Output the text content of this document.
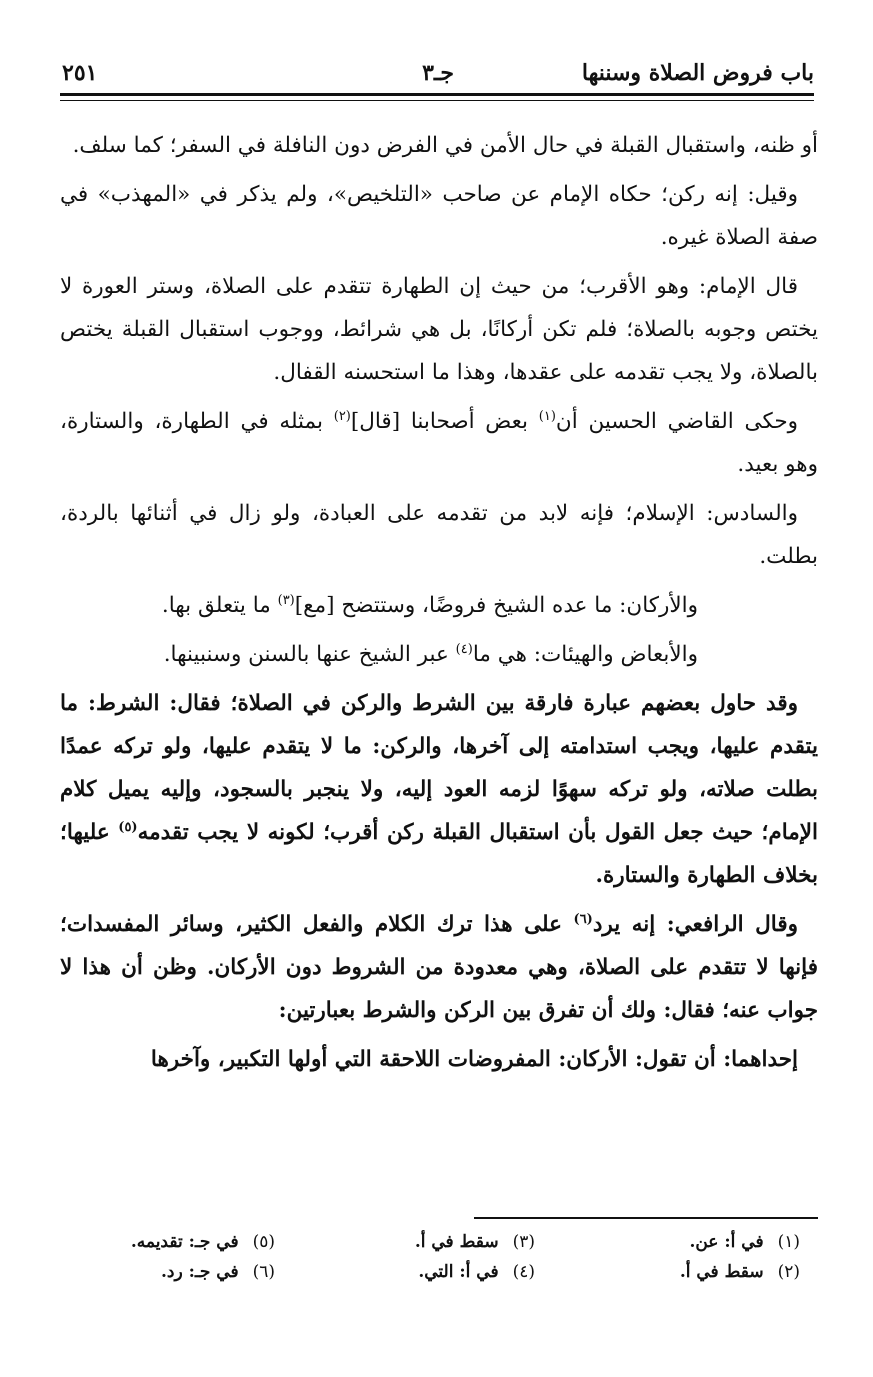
باب فروض الصلاة وسننها
جـ٣
٢٥١

أو ظنه، واستقبال القبلة في حال الأمن في الفرض دون النافلة في السفر؛ كما سلف.

وقيل: إنه ركن؛ حكاه الإمام عن صاحب «التلخيص»، ولم يذكر في «المهذب» في صفة الصلاة غيره.

قال الإمام: وهو الأقرب؛ من حيث إن الطهارة تتقدم على الصلاة، وستر العورة لا يختص وجوبه بالصلاة؛ فلم تكن أركانًا، بل هي شرائط، ووجوب استقبال القبلة يختص بالصلاة، ولا يجب تقدمه على عقدها، وهذا ما استحسنه القفال.

وحكى القاضي الحسين أن$^{(١)}$ بعض أصحابنا [قال]$^{(٢)}$ بمثله في الطهارة، والستارة، وهو بعيد.

والسادس: الإسلام؛ فإنه لابد من تقدمه على العبادة، ولو زال في أثنائها بالردة، بطلت.

والأركان: ما عده الشيخ فروضًا، وستتضح [مع]$^{(٣)}$ ما يتعلق بها.

والأبعاض والهيئات: هي ما$^{(٤)}$ عبر الشيخ عنها بالسنن وسنبينها.

وقد حاول بعضهم عبارة فارقة بين الشرط والركن في الصلاة؛ فقال: الشرط: ما يتقدم عليها، ويجب استدامته إلى آخرها، والركن: ما لا يتقدم عليها، ولو تركه عمدًا بطلت صلاته، ولو تركه سهوًا لزمه العود إليه، ولا ينجبر بالسجود، وإليه يميل كلام الإمام؛ حيث جعل القول بأن استقبال القبلة ركن أقرب؛ لكونه لا يجب تقدمه$^{(٥)}$ عليها؛ بخلاف الطهارة والستارة.

وقال الرافعي: إنه يرد$^{(٦)}$ على هذا ترك الكلام والفعل الكثير، وسائر المفسدات؛ فإنها لا تتقدم على الصلاة، وهي معدودة من الشروط دون الأركان. وظن أن هذا لا جواب عنه؛ فقال: ولك أن تفرق بين الركن والشرط بعبارتين:

إحداهما: أن تقول: الأركان: المفروضات اللاحقة التي أولها التكبير، وآخرها

(١)في أ: عن.
(٢)سقط في أ.
(٣)سقط في أ.
(٤)في أ: التي.
(٥)في جـ: تقديمه.
(٦)في جـ: رد.
